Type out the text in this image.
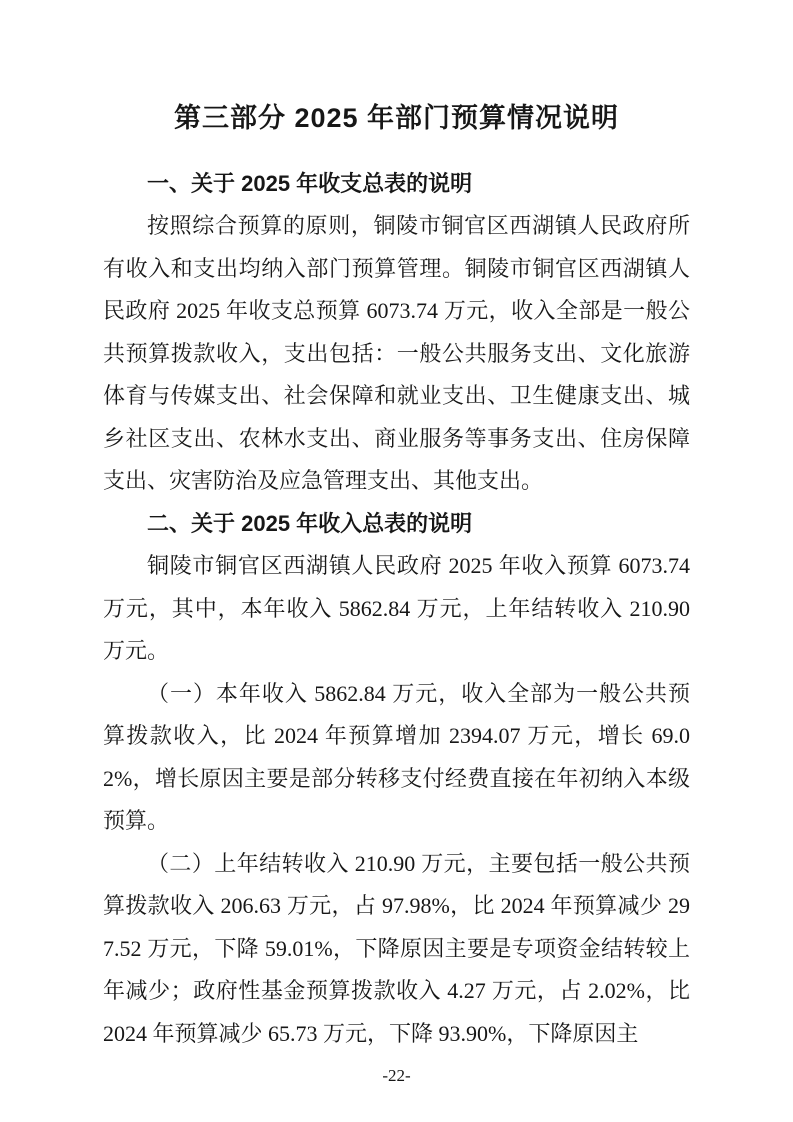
第三部分 2025 年部门预算情况说明
一、关于 2025 年收支总表的说明

按照综合预算的原则，铜陵市铜官区西湖镇人民政府所有收入和支出均纳入部门预算管理。铜陵市铜官区西湖镇人民政府 2025 年收支总预算 6073.74 万元，收入全部是一般公共预算拨款收入，支出包括：一般公共服务支出、文化旅游体育与传媒支出、社会保障和就业支出、卫生健康支出、城乡社区支出、农林水支出、商业服务等事务支出、住房保障支出、灾害防治及应急管理支出、其他支出。

二、关于 2025 年收入总表的说明

铜陵市铜官区西湖镇人民政府 2025 年收入预算 6073.74 万元，其中，本年收入 5862.84 万元，上年结转收入 210.90 万元。

（一）本年收入 5862.84 万元，收入全部为一般公共预算拨款收入，比 2024 年预算增加 2394.07 万元，增长 69.02%，增长原因主要是部分转移支付经费直接在年初纳入本级预算。

（二）上年结转收入 210.90 万元，主要包括一般公共预算拨款收入 206.63 万元，占 97.98%，比 2024 年预算减少 297.52 万元，下降 59.01%，下降原因主要是专项资金结转较上年减少；政府性基金预算拨款收入 4.27 万元，占 2.02%，比 2024 年预算减少 65.73 万元，下降 93.90%，下降原因主

-22-
